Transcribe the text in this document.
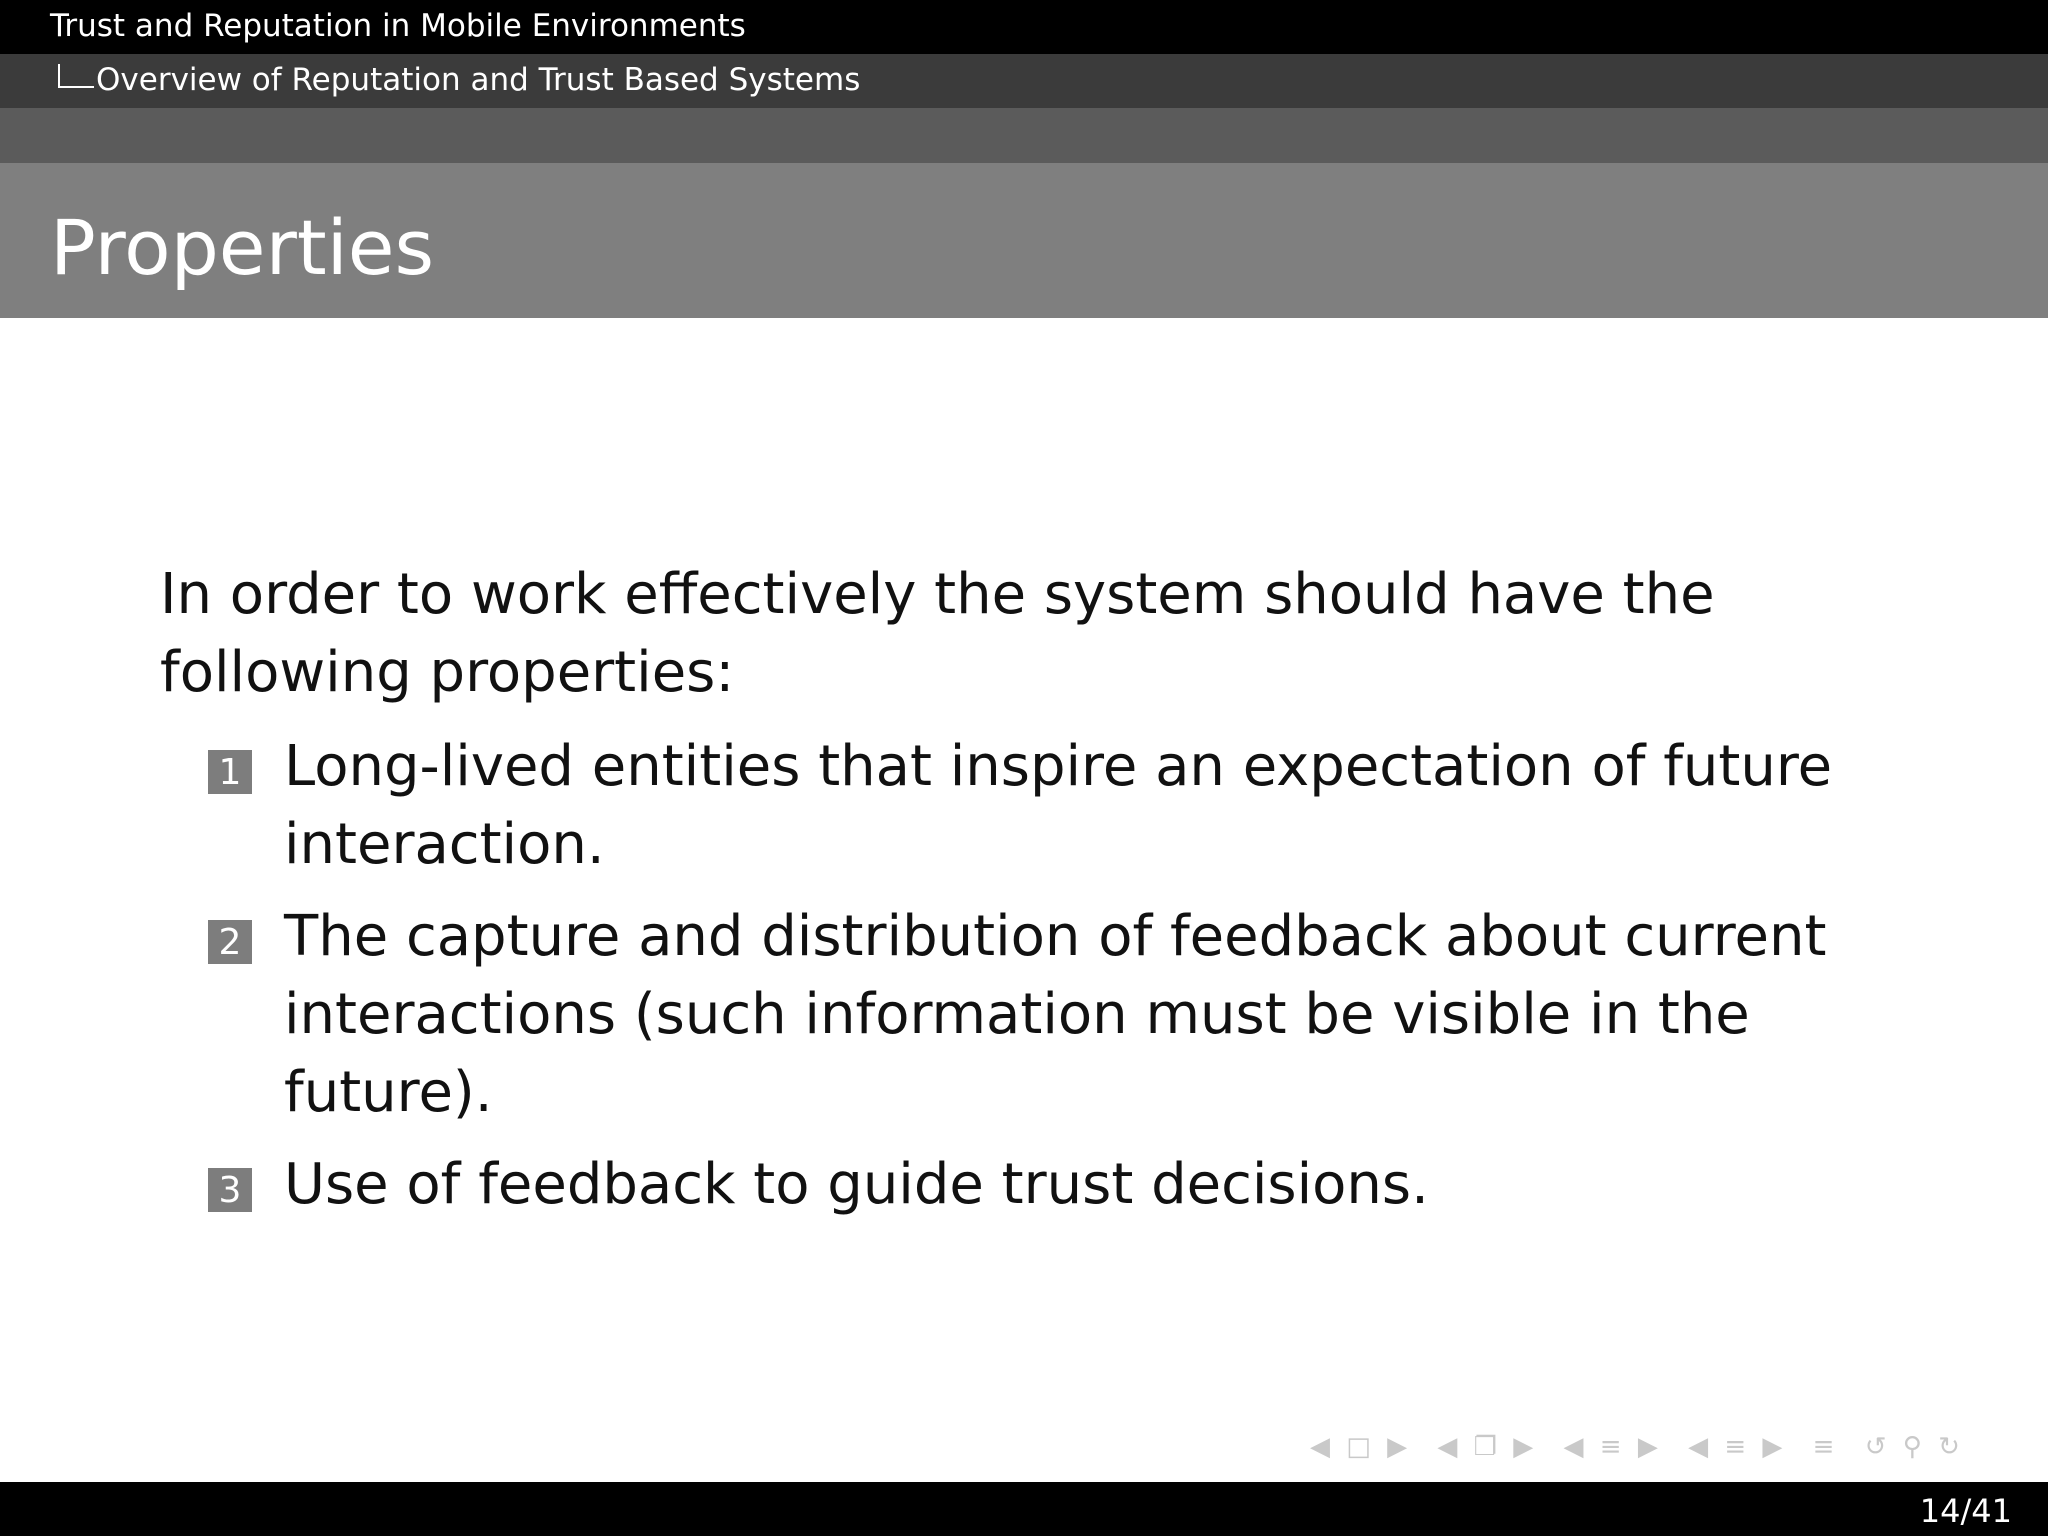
Trust and Reputation in Mobile Environments
Overview of Reputation and Trust Based Systems
Properties

In order to work effectively the system should have the following properties:

1 Long-lived entities that inspire an expectation of future interaction.
2 The capture and distribution of feedback about current interactions (such information must be visible in the future).
3 Use of feedback to guide trust decisions.
◀ □ ▶ ◀ ❐ ▶ ◀ ≡ ▶ ◀ ≡ ▶ ≡ ↺ ⚲ ↻
14/41
